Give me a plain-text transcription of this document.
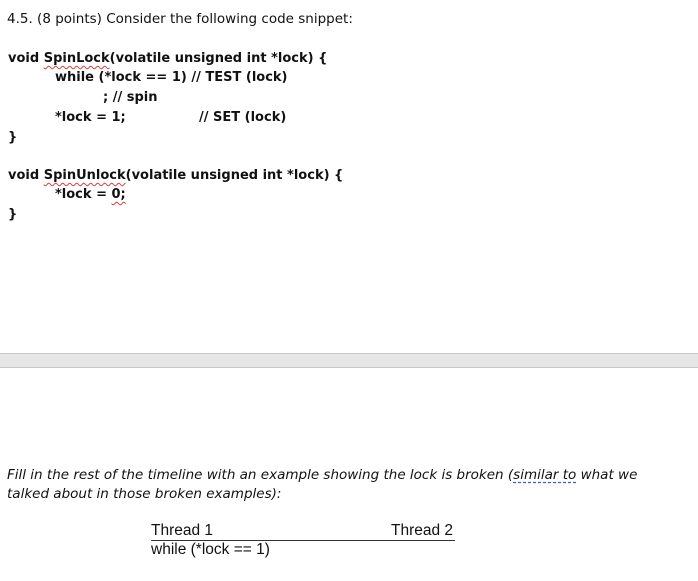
4.5. (8 points) Consider the following code snippet:
void SpinLock(volatile unsigned int *lock) {
while (*lock == 1) // TEST (lock)
; // spin
*lock = 1;	// SET (lock)
}
void SpinUnlock(volatile unsigned int *lock) {
*lock = 0;
}
Fill in the rest of the timeline with an example showing the lock is broken (similar to what we
talked about in those broken examples):
Thread 1	Thread 2
while (*lock == 1)
